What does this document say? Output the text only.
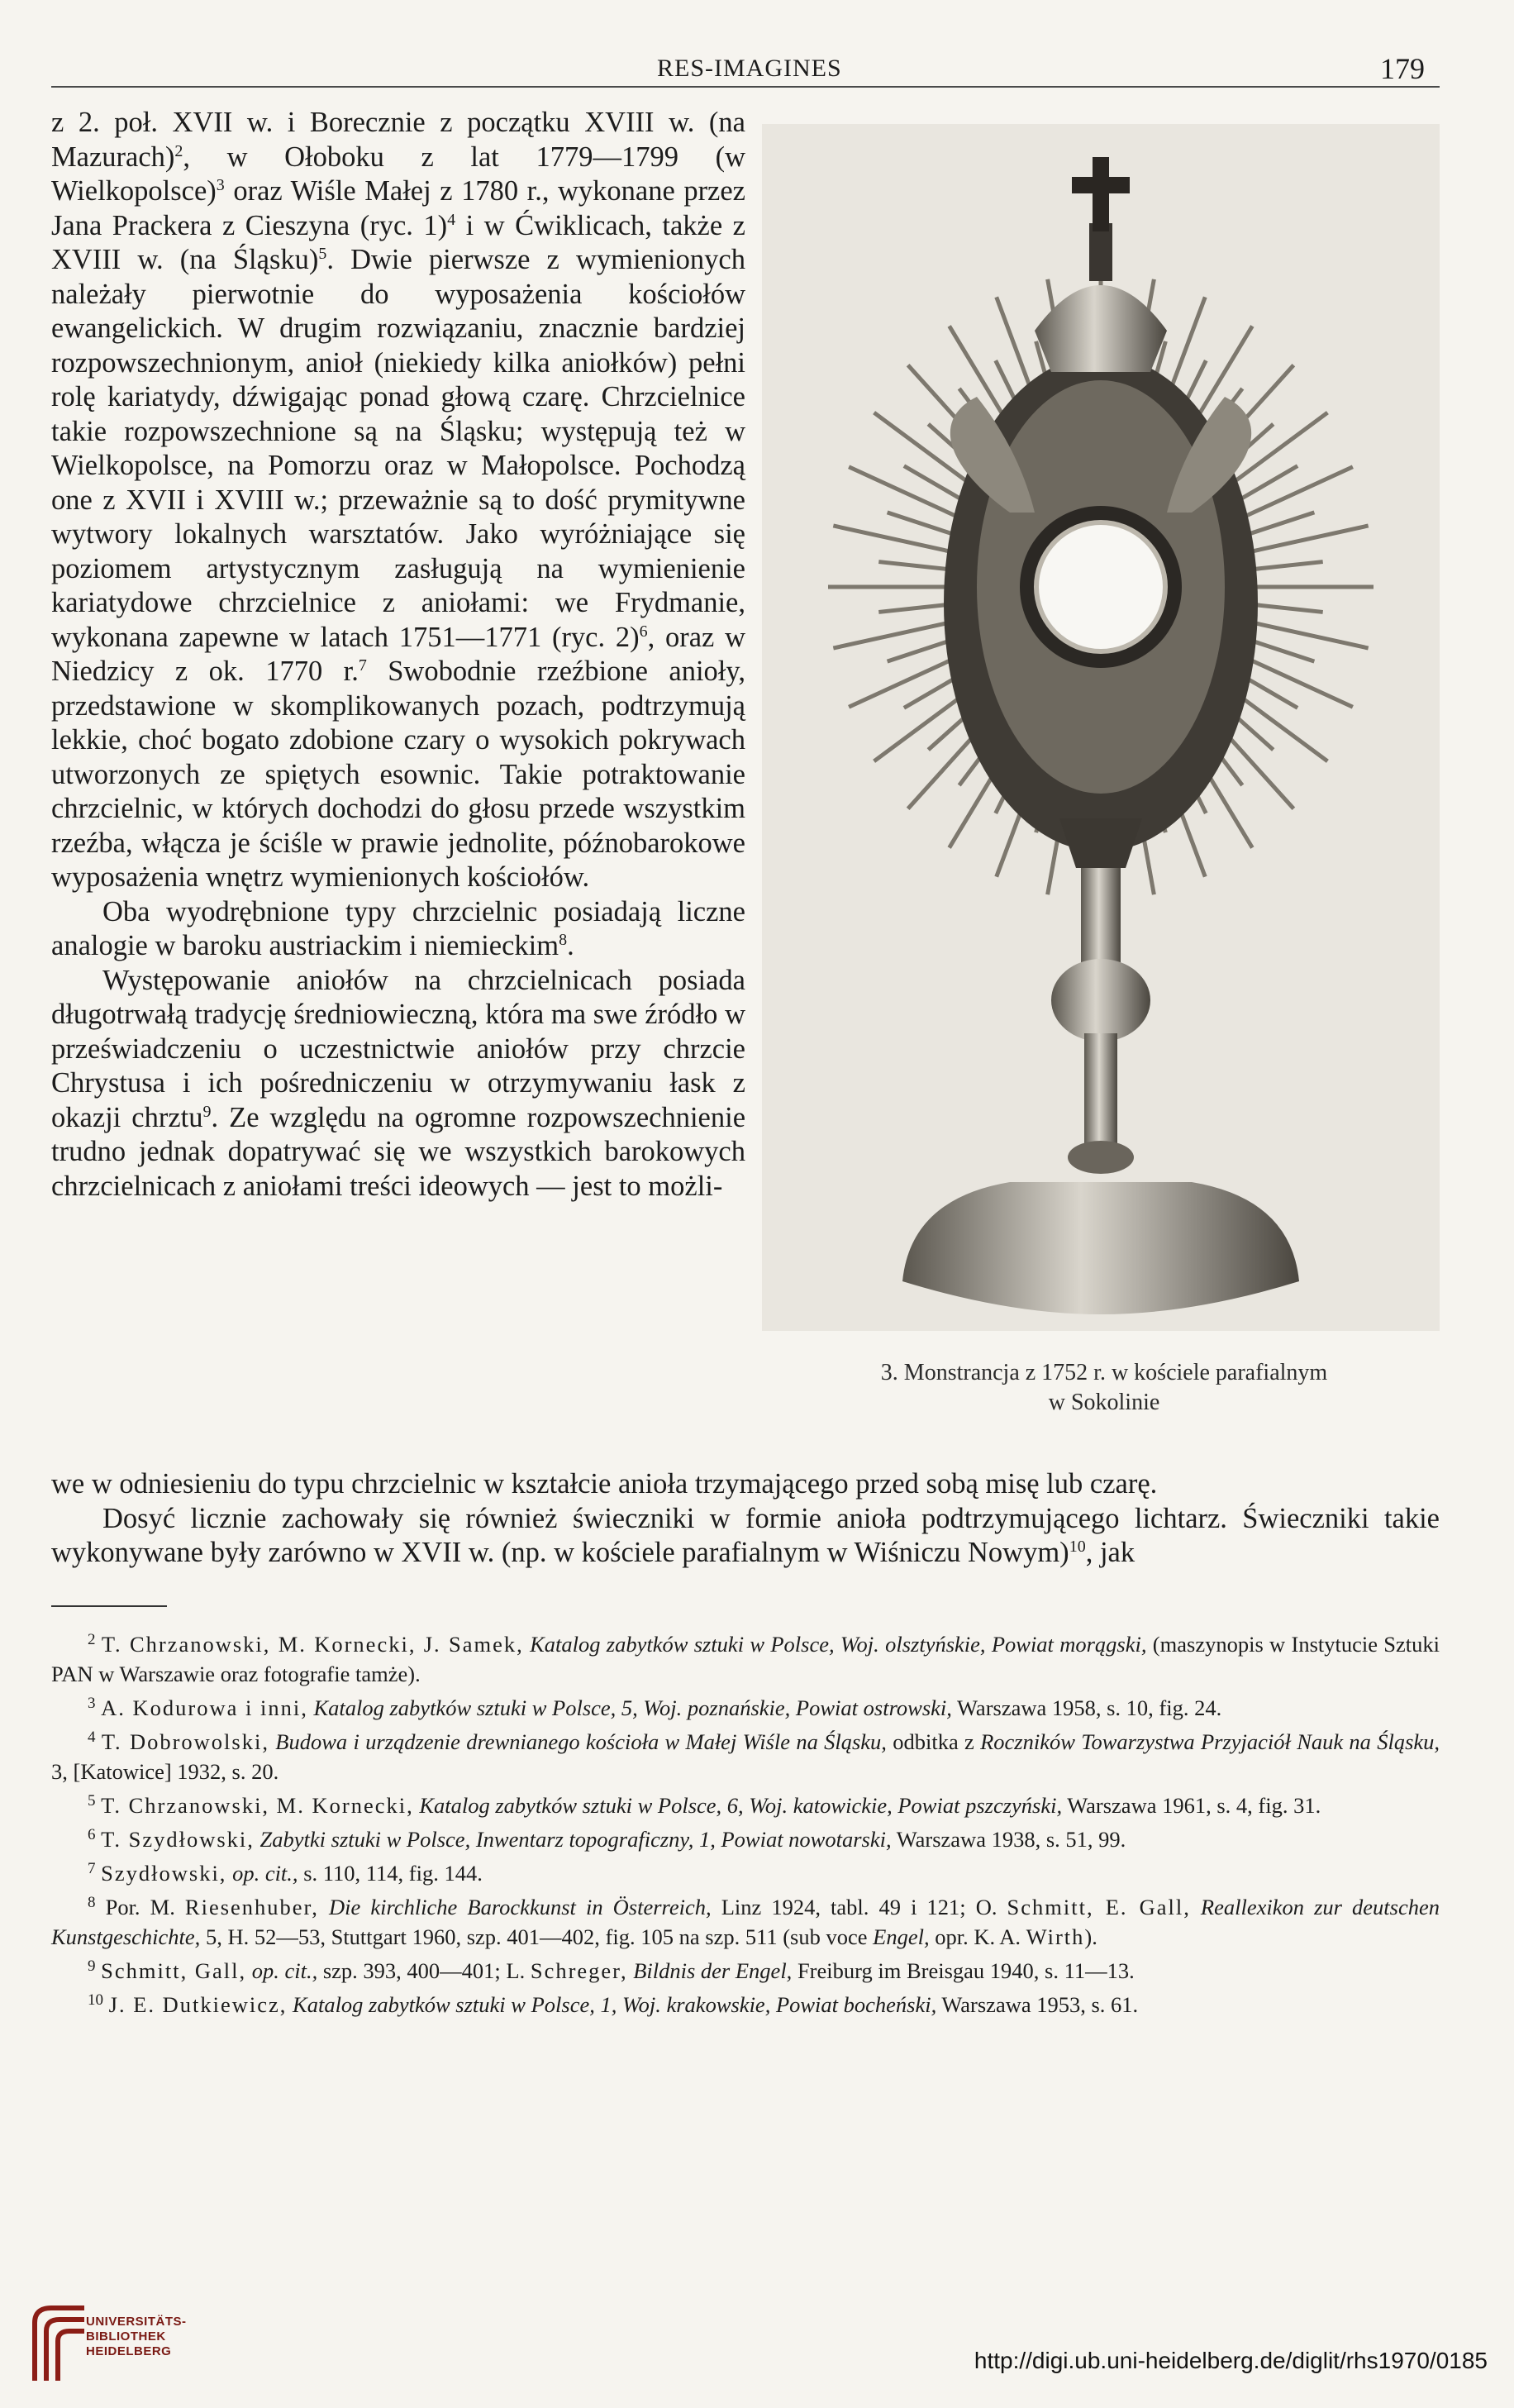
RES-IMAGINES	179

z 2. poł. XVII w. i Borecznie z początku XVIII w. (na Mazurach)$^2$, w Ołoboku z lat 1779—1799 (w Wielkopolsce)$^3$ oraz Wiśle Małej z 1780 r., wykonane przez Jana Prackera z Cieszyna (ryc. 1)$^4$ i w Ćwiklicach, także z XVIII w. (na Śląsku)$^5$. Dwie pierwsze z wymienionych należały pierwotnie do wyposażenia kościołów ewangelickich. W drugim rozwiązaniu, znacznie bardziej rozpowszechnionym, anioł (niekiedy kilka aniołków) pełni rolę kariatydy, dźwigając ponad głową czarę. Chrzcielnice takie rozpowszechnione są na Śląsku; występują też w Wielkopolsce, na Pomorzu oraz w Małopolsce. Pochodzą one z XVII i XVIII w.; przeważnie są to dość prymitywne wytwory lokalnych warsztatów. Jako wyróżniające się poziomem artystycznym zasługują na wymienienie kariatydowe chrzcielnice z aniołami: we Frydmanie, wykonana zapewne w latach 1751—1771 (ryc. 2)$^6$, oraz w Niedzicy z ok. 1770 r.$^7$ Swobodnie rzeźbione anioły, przedstawione w skomplikowanych pozach, podtrzymują lekkie, choć bogato zdobione czary o wysokich pokrywach utworzonych ze spiętych esownic. Takie potraktowanie chrzcielnic, w których dochodzi do głosu przede wszystkim rzeźba, włącza je ściśle w prawie jednolite, późnobarokowe wyposażenia wnętrz wymienionych kościołów.

Oba wyodrębnione typy chrzcielnic posiadają liczne analogie w baroku austriackim i niemieckim$^8$.

Występowanie aniołów na chrzcielnicach posiada długotrwałą tradycję średniowieczną, która ma swe źródło w przeświadczeniu o uczestnictwie aniołów przy chrzcie Chrystusa i ich pośredniczeniu w otrzymywaniu łask z okazji chrztu$^9$. Ze względu na ogromne rozpowszechnienie trudno jednak dopatrywać się we wszystkich barokowych chrzcielnicach z aniołami treści ideowych — jest to możli-

3. Monstrancja z 1752 r. w kościele parafialnym
w Sokolinie

we w odniesieniu do typu chrzcielnic w kształcie anioła trzymającego przed sobą misę lub czarę.

Dosyć licznie zachowały się również świeczniki w formie anioła podtrzymującego lichtarz. Świeczniki takie wykonywane były zarówno w XVII w. (np. w kościele parafialnym w Wiśniczu Nowym)$^{10}$, jak

$^2$ T. Chrzanowski, M. Kornecki, J. Samek, Katalog zabytków sztuki w Polsce, Woj. olsztyńskie, Powiat morągski, (maszynopis w Instytucie Sztuki PAN w Warszawie oraz fotografie tamże).

$^3$ A. Kodurowa i inni, Katalog zabytków sztuki w Polsce, 5, Woj. poznańskie, Powiat ostrowski, Warszawa 1958, s. 10, fig. 24.

$^4$ T. Dobrowolski, Budowa i urządzenie drewnianego kościoła w Małej Wiśle na Śląsku, odbitka z Roczników Towarzystwa Przyjaciół Nauk na Śląsku, 3, [Katowice] 1932, s. 20.

$^5$ T. Chrzanowski, M. Kornecki, Katalog zabytków sztuki w Polsce, 6, Woj. katowickie, Powiat pszczyński, Warszawa 1961, s. 4, fig. 31.

$^6$ T. Szydłowski, Zabytki sztuki w Polsce, Inwentarz topograficzny, 1, Powiat nowotarski, Warszawa 1938, s. 51, 99.

$^7$ Szydłowski, op. cit., s. 110, 114, fig. 144.

$^8$ Por. M. Riesenhuber, Die kirchliche Barockkunst in Österreich, Linz 1924, tabl. 49 i 121; O. Schmitt, E. Gall, Reallexikon zur deutschen Kunstgeschichte, 5, H. 52—53, Stuttgart 1960, szp. 401—402, fig. 105 na szp. 511 (sub voce Engel, opr. K. A. Wirth).

$^9$ Schmitt, Gall, op. cit., szp. 393, 400—401; L. Schreger, Bildnis der Engel, Freiburg im Breisgau 1940, s. 11—13.

$^{10}$ J. E. Dutkiewicz, Katalog zabytków sztuki w Polsce, 1, Woj. krakowskie, Powiat bocheński, Warszawa 1953, s. 61.

UNIVERSITÄTS-
BIBLIOTHEK
HEIDELBERG	http://digi.ub.uni-heidelberg.de/diglit/rhs1970/0185
